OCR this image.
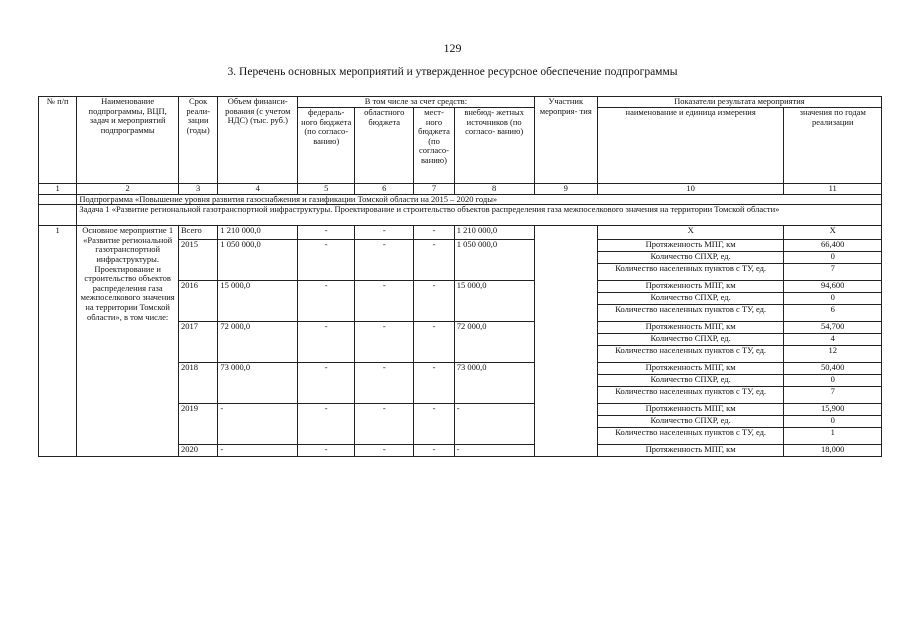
129
3. Перечень основных мероприятий и утвержденное ресурсное обеспечение подпрограммы
№ п/п	Наименование подпрограммы, ВЦП, задач и мероприятий подпрограммы	Срок реали- зации (годы)	Объем финанси- рования (с учетом НДС) (тыс. руб.)	В том числе за счет средств:				Участник мероприя- тия	Показатели результата мероприятия	
				федераль- ного бюджета (по согласо- ванию)	областного бюджета	мест- ного бюджета (по согласо- ванию)	внебюд- жетных источников (по согласо- ванию)		наименование и единица измерения	значения по годам реализации
1	2	3	4	5	6	7	8	9	10	11
	Подпрограмма «Повышение уровня развития газоснабжения и газификации Томской области на 2015 – 2020 годы»									
	Задача 1 «Развитие региональной газотранспортной инфраструктуры. Проектирование и строительство объектов распределения газа межпоселкового значения на территории Томской области»									
1	Основное мероприятие 1 «Развитие региональной газотранспортной инфраструктуры. Проектирование и строительство объектов распределения газа межпоселкового значения на территории Томской области», в том числе:	Всего	1 210 000,0	-	-	-	1 210 000,0		Х	Х
		2015	1 050 000,0	-	-	-	1 050 000,0		Протяженность МПГ, км	66,400
									Количество СПХР, ед.	0
									Количество населенных пунктов с ТУ, ед.	7
		2016	15 000,0	-	-	-	15 000,0		Протяженность МПГ, км	94,600
									Количество СПХР, ед.	0
									Количество населенных пунктов с ТУ, ед.	6
		2017	72 000,0	-	-	-	72 000,0		Протяженность МПГ, км	54,700
									Количество СПХР, ед.	4
									Количество населенных пунктов с ТУ, ед.	12
		2018	73 000,0	-	-	-	73 000,0		Протяженность МПГ, км	50,400
									Количество СПХР, ед.	0
									Количество населенных пунктов с ТУ, ед.	7
		2019	-	-	-	-	-		Протяженность МПГ, км	15,900
									Количество СПХР, ед.	0
									Количество населенных пунктов с ТУ, ед.	1
		2020	-	-	-	-	-		Протяженность МПГ, км	18,000
